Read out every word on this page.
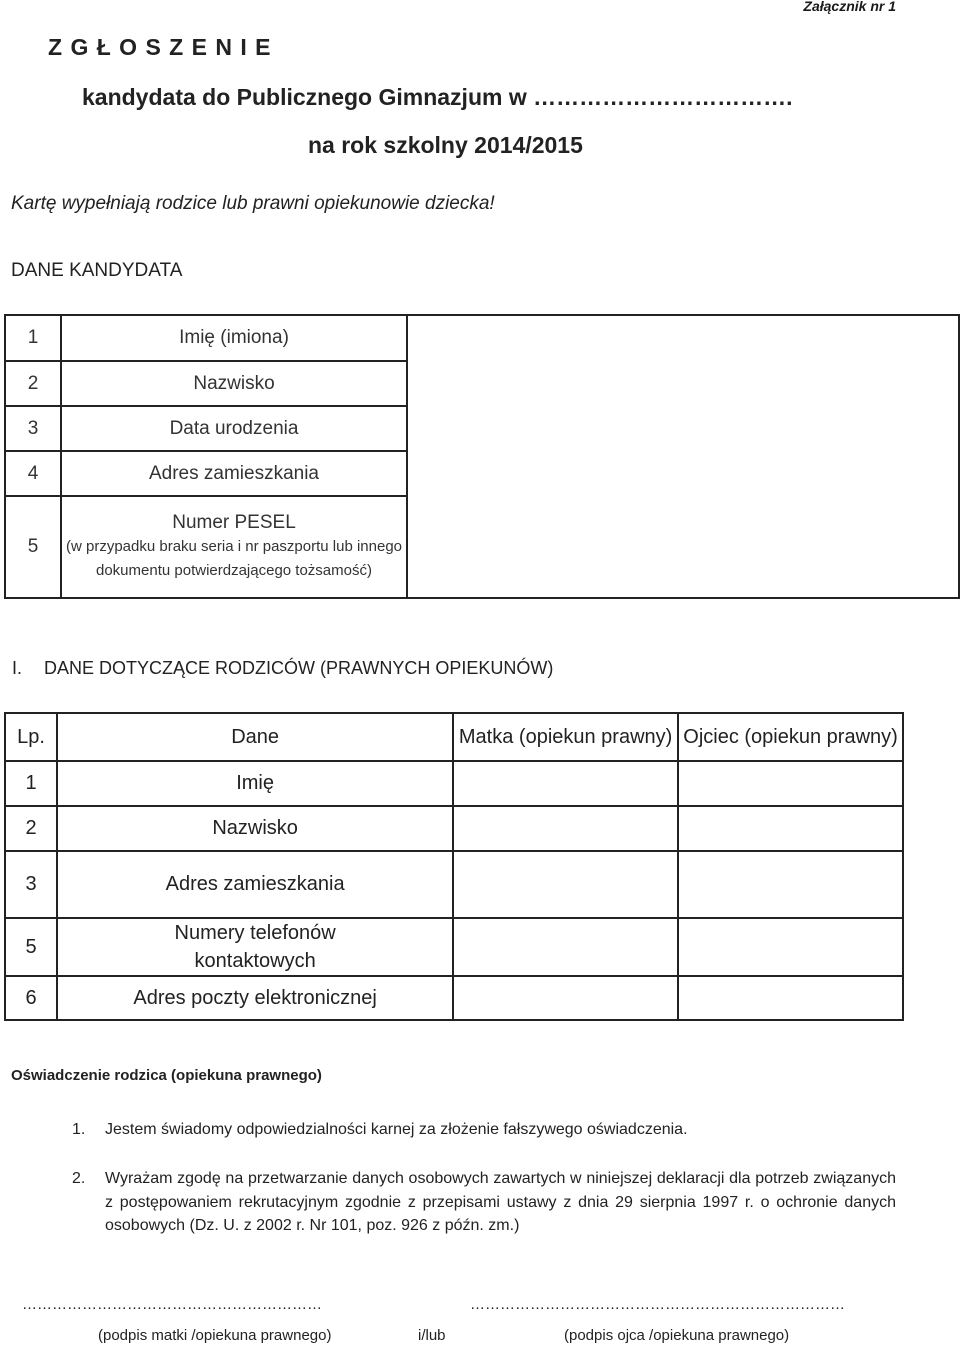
Załącznik nr 1
Z G Ł O S Z E N I E
kandydata do Publicznego Gimnazjum w …………………………….
na rok szkolny 2014/2015
Kartę wypełniają rodzice lub prawni opiekunowie dziecka!
DANE KANDYDATA
1	Imię (imiona)	
2	Nazwisko	
3	Data urodzenia	
4	Adres zamieszkania	
5	Numer PESEL
(w przypadku braku seria i nr paszportu lub innego dokumentu potwierdzającego tożsamość)	
I. DANE DOTYCZĄCE RODZICÓW (PRAWNYCH OPIEKUNÓW)
Lp.	Dane	Matka (opiekun prawny)	Ojciec (opiekun prawny)
1	Imię		
2	Nazwisko		
3	Adres zamieszkania		
5	Numery telefonów kontaktowych		
6	Adres poczty elektronicznej		
Oświadczenie rodzica (opiekuna prawnego)
1. Jestem świadomy odpowiedzialności karnej za złożenie fałszywego oświadczenia.
2.	Wyrażam zgodę na przetwarzanie danych osobowych zawartych w niniejszej deklaracji dla potrzeb związanych z postępowaniem rekrutacyjnym zgodnie z przepisami ustawy z dnia 29 sierpnia 1997 r. o ochronie danych osobowych (Dz. U. z 2002 r. Nr 101, poz. 926 z późn. zm.)
……………………………………………………	…………………………………………………………………
(podpis matki /opiekuna prawnego)	i/lub	(podpis ojca /opiekuna prawnego)
